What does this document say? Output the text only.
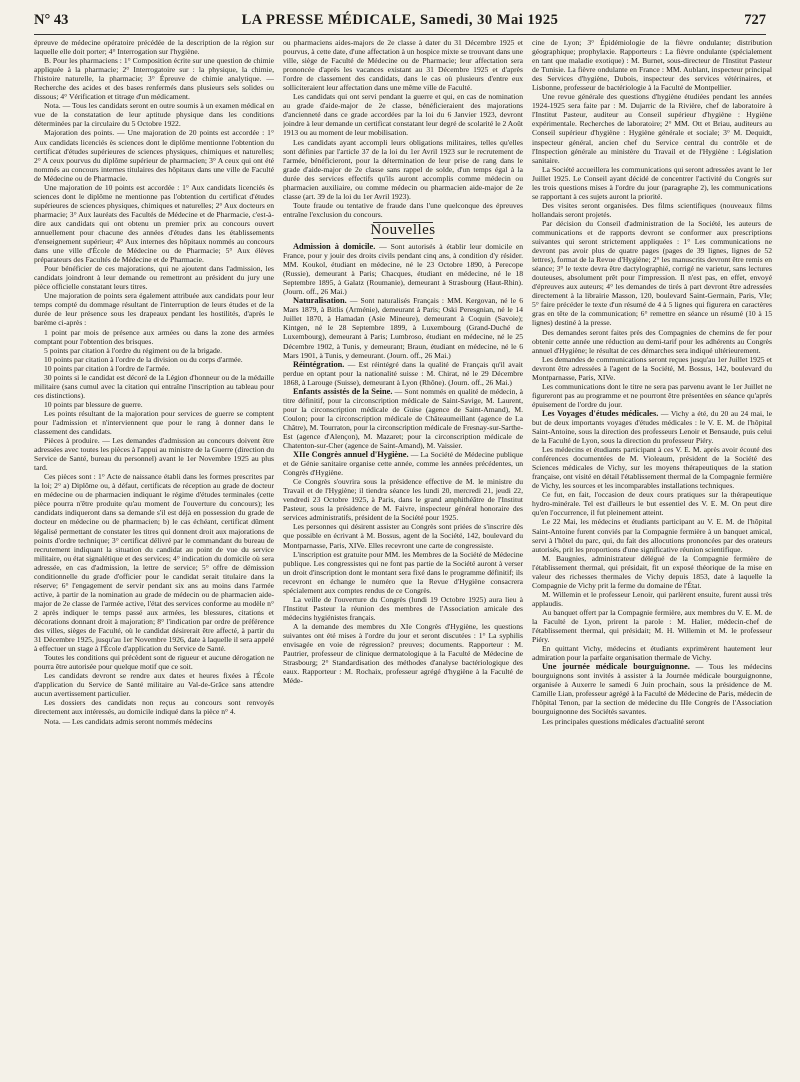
N° 43	LA PRESSE MÉDICALE, Samedi, 30 Mai 1925	727

épreuve de médecine opératoire précédée de la description de la région sur laquelle elle doit porter; 4° Interrogation sur l'hygiène.

B. Pour les pharmaciens : 1° Composition écrite sur une question de chimie appliquée à la pharmacie; 2° Interrogatoire sur : la physique, la chimie, l'histoire naturelle, la pharmacie; 3° Épreuve de chimie analytique. — Recherche des acides et des bases renfermés dans plusieurs sels solides ou dissous; 4° Vérification et titrage d'un médicament.

Nota. — Tous les candidats seront en outre soumis à un examen médical en vue de la constatation de leur aptitude physique dans les conditions déterminées par la circulaire du 5 Octobre 1922.

Majoration des points. — Une majoration de 20 points est accordée : 1° Aux candidats licenciés ès sciences dont le diplôme mentionne l'obtention du certificat d'études supérieures de sciences physiques, chimiques et naturelles; 2° A ceux pourvus du diplôme supérieur de pharmacien; 3° A ceux qui ont été nommés au concours internes titulaires des hôpitaux dans une ville de Faculté de Médecine ou de Pharmacie.

Une majoration de 10 points est accordée : 1° Aux candidats licenciés ès sciences dont le diplôme ne mentionne pas l'obtention du certificat d'études supérieures de sciences physiques, chimiques et naturelles; 2° Aux docteurs en pharmacie; 3° Aux lauréats des Facultés de Médecine et de Pharmacie, c'est-à-dire aux candidats qui ont obtenu un premier prix au concours ouvert annuellement pour chacune des années d'études dans les établissements d'enseignement supérieur; 4° Aux internes des hôpitaux nommés au concours dans une ville d'École de Médecine ou de Pharmacie; 5° Aux élèves préparateurs des Facultés de Médecine et de Pharmacie.

Pour bénéficier de ces majorations, qui ne ajoutent dans l'admission, les candidats joindront à leur demande ou remettront au président du jury une pièce officielle constatant leurs titres.

Une majoration de points sera également attribuée aux candidats pour leur temps compté du dommage résultant de l'interruption de leurs études et de la durée de leur présence sous les drapeaux pendant les hostilités, d'après le barème ci-après :

1 point par mois de présence aux armées ou dans la zone des armées comptant pour l'obtention des brisques.

5 points par citation à l'ordre du régiment ou de la brigade.

10 points par citation à l'ordre de la division ou du corps d'armée.

10 points par citation à l'ordre de l'armée.

30 points si le candidat est décoré de la Légion d'honneur ou de la médaille militaire (sans cumul avec la citation qui entraîne l'inscription au tableau pour ces distinctions).

10 points par blessure de guerre.

Les points résultant de la majoration pour services de guerre se comptent pour l'admission et n'interviennent que pour le rang à donner dans le classement des candidats.

Pièces à produire. — Les demandes d'admission au concours doivent être adressées avec toutes les pièces à l'appui au ministre de la Guerre (direction du Service de Santé, bureau du personnel) avant le 1er Novembre 1925 au plus tard.

Ces pièces sont : 1° Acte de naissance établi dans les formes prescrites par la loi; 2° a) Diplôme ou, à défaut, certificats de réception au grade de docteur en médecine ou de pharmacien indiquant le régime d'études terminales (cette pièce pourra n'être produite qu'au moment de l'ouverture du concours); les candidats indiqueront dans sa demande s'il est déjà en possession du grade de docteur en médecine ou de pharmacien; b) le cas échéant, certificat dûment légalisé permettant de constater les titres qui donnent droit aux majorations de points d'ordre technique; 3° certificat délivré par le commandant du bureau de recrutement indiquant la situation du candidat au point de vue du service militaire, ou état signalétique et des services; 4° indication du domicile où sera adressée, en cas d'admission, la lettre de service; 5° offre de démission conditionnelle du grade d'officier pour le candidat serait titulaire dans la réserve; 6° l'engagement de servir pendant six ans au moins dans l'armée active, à partir de la nomination au grade de médecin ou de pharmacien aide-major de 2e classe de l'armée active, l'état des services conforme au modèle n° 2 après indiquer le temps passé aux armées, les blessures, citations et décorations donnant droit à majoration; 8° l'indication par ordre de préférence des villes, sièges de Faculté, où le candidat désirerait être affecté, à partir du 31 Décembre 1925, jusqu'au 1er Novembre 1926, date à laquelle il sera appelé à effectuer un stage à l'École d'application du Service de Santé.

Toutes les conditions qui précèdent sont de rigueur et aucune dérogation ne pourra être autorisée pour quelque motif que ce soit.

Les candidats devront se rendre aux dates et heures fixées à l'École d'application du Service de Santé militaire au Val-de-Grâce sans attendre aucun avertissement particulier.

Les dossiers des candidats non reçus au concours sont renvoyés directement aux intéressés, au domicile indiqué dans la pièce n° 4.

Nota. — Les candidats admis seront nommés médecins

ou pharmaciens aides-majors de 2e classe à dater du 31 Décembre 1925 et pourvus, à cette date, d'une affectation à un hospice mixte se trouvant dans une ville, siège de Faculté de Médecine ou de Pharmacie; leur affectation sera prononcée d'après les vacances existant au 31 Décembre 1925 et d'après l'ordre de classement des candidats, dans le cas où plusieurs d'entre eux solliciteraient leur affectation dans une même ville de Faculté.

Les candidats qui ont servi pendant la guerre et qui, en cas de nomination au grade d'aide-major de 2e classe, bénéficieraient des majorations d'ancienneté dans ce grade accordées par la loi du 6 Janvier 1923, devront joindre à leur demande un certificat constatant leur degré de scolarité le 2 Août 1913 ou au moment de leur mobilisation.

Les candidats ayant accompli leurs obligations militaires, telles qu'elles sont définies par l'article 37 de la loi du 1er Avril 1923 sur le recrutement de l'armée, bénéficieront, pour la détermination de leur prise de rang dans le grade d'aide-major de 2e classe sans rappel de solde, d'un temps égal à la durée des services effectifs qu'ils auront accomplis comme médecin ou pharmacien auxiliaire, ou comme médecin ou pharmacien aide-major de 2e classe (art. 39 de la loi du 1er Avril 1923).

Toute fraude ou tentative de fraude dans l'une quelconque des épreuves entraîne l'exclusion du concours.

Nouvelles

Admission à domicile. — Sont autorisés à établir leur domicile en France, pour y jouir des droits civils pendant cinq ans, à condition d'y résider. MM. Koukol, étudiant en médecine, né le 23 Octobre 1890, à Perecope (Russie), demeurant à Paris; Chacques, étudiant en médecine, né le 18 Septembre 1895, à Galatz (Roumanie), demeurant à Strasbourg (Haut-Rhin). (Journ. off., 26 Mai.)

Naturalisation. — Sont naturalisés Français : MM. Kergovan, né le 6 Mars 1879, à Bitlis (Arménie), demeurant à Paris; Oski Peresgnian, né le 14 Juillet 1870, à Hamadan (Asie Mineure), demeurant à Coquin (Savoie); Kintgen, né le 28 Septembre 1899, à Luxembourg (Grand-Duché de Luxembourg), demeurant à Paris; Lumbroso, étudiant en médecine, né le 25 Décembre 1902, à Tunis, y demeurant; Braun, étudiant en médecine, né le 6 Mars 1901, à Tunis, y demeurant. (Journ. off., 26 Mai.)

Réintégration. — Est réintégré dans la qualité de Français qu'il avait perdue en optant pour la nationalité suisse : M. Chirat, né le 29 Décembre 1868, à Larouge (Suisse), demeurant à Lyon (Rhône). (Journ. off., 26 Mai.)

Enfants assistés de la Seine. — Sont nommés en qualité de médecin, à titre définitif, pour la circonscription médicale de Saint-Savige, M. Laurent, pour la circonscription médicale de Guise (agence de Saint-Amand), M. Coulon; pour la circonscription médicale de Châteaumeillant (agence de La Châtre), M. Tourraton, pour la circonscription médicale de Fresnay-sur-Sarthe-Est (agence d'Alençon), M. Mazaret; pour la circonscription médicale de Chatenton-sur-Cher (agence de Saint-Amand), M. Vaissier.

XIIe Congrès annuel d'Hygiène. — La Société de Médecine publique et de Génie sanitaire organise cette année, comme les années précédentes, un Congrès d'Hygiène.

Ce Congrès s'ouvrira sous la présidence effective de M. le ministre du Travail et de l'Hygiène; il tiendra séance les lundi 20, mercredi 21, jeudi 22, vendredi 23 Octobre 1925, à Paris, dans le grand amphithéâtre de l'Institut Pasteur, sous la présidence de M. Faivre, inspecteur général honoraire des services administratifs, président de la Société pour 1925.

Les personnes qui désirent assister au Congrès sont priées de s'inscrire dès que possible en écrivant à M. Bossus, agent de la Société, 142, boulevard du Montparnasse, Paris, XIVe. Elles recevront une carte de congressiste.

L'inscription est gratuite pour MM. les Membres de la Société de Médecine publique. Les congressistes qui ne font pas partie de la Société auront à verser un droit d'inscription dont le montant sera fixé dans le programme définitif; ils recevront en échange le numéro que la Revue d'Hygiène consacrera spécialement aux comptes rendus de ce Congrès.

La veille de l'ouverture du Congrès (lundi 19 Octobre 1925) aura lieu à l'Institut Pasteur la réunion des membres de l'Association amicale des médecins hygiénistes français.

A la demande des membres du XIe Congrès d'Hygiène, les questions suivantes ont été mises à l'ordre du jour et seront discutées : 1° La syphilis envisagée en voie de régression? preuves; documents. Rapporteur : M. Pautrier, professeur de clinique dermatologique à la Faculté de Médecine de Strasbourg; 2° Standardisation des méthodes d'analyse bactériologique des eaux. Rapporteur : M. Rochaix, professeur agrégé d'hygiène à la Faculté de Méde-

cine de Lyon; 3° Épidémiologie de la fièvre ondulante; distribution géographique; prophylaxie. Rapporteurs : La fièvre ondulante (spécialement en tant que maladie exotique) : M. Burnet, sous-directeur de l'Institut Pasteur de Tunisie. La fièvre ondulante en France : MM. Aublant, inspecteur principal des Services d'hygiène, Dubois, inspecteur des services vétérinaires, et Lisbonne, professeur de bactériologie à la Faculté de Montpellier.

Une revue générale des questions d'hygiène étudiées pendant les années 1924-1925 sera faite par : M. Dujarric de la Rivière, chef de laboratoire à l'Institut Pasteur, auditeur au Conseil supérieur d'hygiène : Hygiène expérimentale. Recherches de laboratoire; 2° MM. Ott et Briau, auditeurs au Conseil supérieur d'hygiène : Hygiène générale et sociale; 3° M. Dequidt, inspecteur général, ancien chef du Service central du contrôle et de l'Inspection générale au ministère du Travail et de l'Hygiène : Législation sanitaire.

La Société accueillera les communications qui seront adressées avant le 1er Juillet 1925. Le Conseil ayant décidé de concentrer l'activité du Congrès sur les trois questions mises à l'ordre du jour (paragraphe 2), les communications se rapportant à ces sujets auront la priorité.

Des visites seront organisées. Des films scientifiques (nouveaux films hollandais seront projetés.

Par décision du Conseil d'administration de la Société, les auteurs de communications et de rapports devront se conformer aux prescriptions suivantes qui seront strictement appliquées : 1° Les communications ne devront pas avoir plus de quatre pages (pages de 39 lignes, lignes de 52 lettres), format de la Revue d'Hygiène; 2° les manuscrits devront être remis en séance; 3° le texte devra être dactylographié, corrigé ne varietur, sans lectures douteuses, absolument prêt pour l'impression. Il n'est pas, en effet, envoyé d'épreuves aux auteurs; 4° les demandes de tirés à part devront être adressées directement à la librairie Masson, 120, boulevard Saint-Germain, Paris, VIe; 5° faire précéder le texte d'un résumé de 4 à 5 lignes qui figurera en caractères gras en tête de la communication; 6° remettre en séance un résumé (10 à 15 lignes) destiné à la presse.

Des demandes seront faites près des Compagnies de chemins de fer pour obtenir cette année une réduction au demi-tarif pour les adhérents au Congrès annuel d'Hygiène; le résultat de ces démarches sera indiqué ultérieurement.

Les demandes de communications seront reçues jusqu'au 1er Juillet 1925 et devront être adressées à l'agent de la Société, M. Bossus, 142, boulevard du Montparnasse, Paris, XIVe.

Les communications dont le titre ne sera pas parvenu avant le 1er Juillet ne figureront pas au programme et ne pourront être présentées en séance qu'après épuisement de l'ordre du jour.

Les Voyages d'études médicales. — Vichy a été, du 20 au 24 mai, le but de deux importants voyages d'études médicales : le V. E. M. de l'hôpital Saint-Antoine, sous la direction des professeurs Lenoir et Bensaude, puis celui de la Faculté de Lyon, sous la direction du professeur Piéry.

Les médecins et étudiants participant à ces V. E. M. après avoir écouté des conférences documentées de M. Violeaum, président de la Société des Sciences médicales de Vichy, sur les moyens thérapeutiques de la station française, ont visité en détail l'établissement thermal de la Compagnie fermière de Vichy, les sources et les incomparables installations techniques.

Ce fut, en fait, l'occasion de deux cours pratiques sur la thérapeutique hydro-minérale. Tel est d'ailleurs le but essentiel des V. E. M. On peut dire qu'en l'occurrence, il fut pleinement atteint.

Le 22 Mai, les médecins et étudiants participant au V. E. M. de l'hôpital Saint-Antoine furent conviés par la Compagnie fermière à un banquet amical, servi à l'hôtel du parc, qui, du fait des allocutions prononcées par des orateurs autorisés, prit les proportions d'une significative réunion scientifique.

M. Baugnies, administrateur délégué de la Compagnie fermière de l'établissement thermal, qui présidait, fit un exposé théorique de la mise en valeur des richesses thermales de Vichy depuis 1853, date à laquelle la Compagnie de Vichy prit la ferme du domaine de l'État.

M. Willemin et le professeur Lenoir, qui parlèrent ensuite, furent aussi très applaudis.

Au banquet offert par la Compagnie fermière, aux membres du V. E. M. de la Faculté de Lyon, prirent la parole : M. Halier, médecin-chef de l'établissement thermal, qui présidait; M. H. Willemin et M. le professeur Piéry.

En quittant Vichy, médecins et étudiants exprimèrent hautement leur admiration pour la parfaite organisation thermale de Vichy.

Une journée médicale bourguignonne. — Tous les médecins bourguignons sont invités à assister à la Journée médicale bourguignonne, organisée à Auxerre le samedi 6 Juin prochain, sous la présidence de M. Camille Lian, professeur agrégé à la Faculté de Médecine de Paris, médecin de l'hôpital Tenon, par la section de médecine du IIIe Congrès de l'Association bourguignonne des Sociétés savantes.

Les principales questions médicales d'actualité seront
